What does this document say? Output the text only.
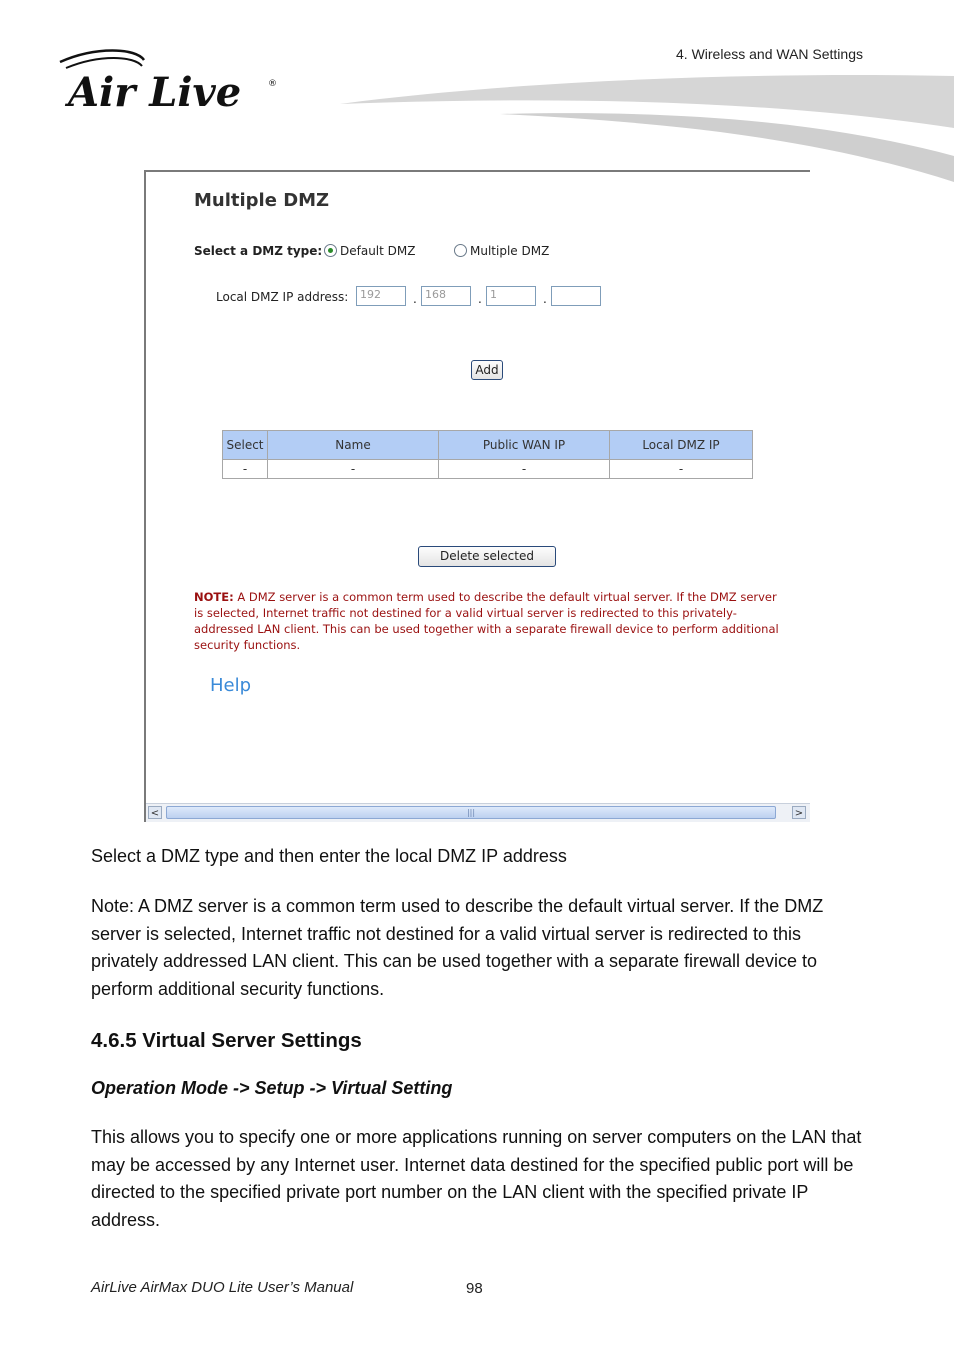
4. Wireless and WAN Settings
Air Live	®
Multiple DMZ
Select a DMZ type:	Default DMZ	Multiple DMZ
Local DMZ IP address:	192	. 168	. 1	.
Add
Select	Name	Public WAN IP	Local DMZ IP
-	-	-	-
Delete selected
NOTE: A DMZ server is a common term used to describe the default virtual server. If the DMZ server is selected, Internet traffic not destined for a valid virtual server is redirected to this privately-addressed LAN client. This can be used together with a separate firewall device to perform additional security functions.
Help
<	|||	>
Select a DMZ type and then enter the local DMZ IP address
Note: A DMZ server is a common term used to describe the default virtual server. If the DMZ server is selected, Internet traffic not destined for a valid virtual server is redirected to this privately addressed LAN client. This can be used together with a separate firewall device to perform additional security functions.
4.6.5 Virtual Server Settings
Operation Mode -> Setup -> Virtual Setting
This allows you to specify one or more applications running on server computers on the LAN that may be accessed by any Internet user. Internet data destined for the specified public port will be directed to the specified private port number on the LAN client with the specified private IP address.
AirLive AirMax DUO Lite User’s Manual	98
